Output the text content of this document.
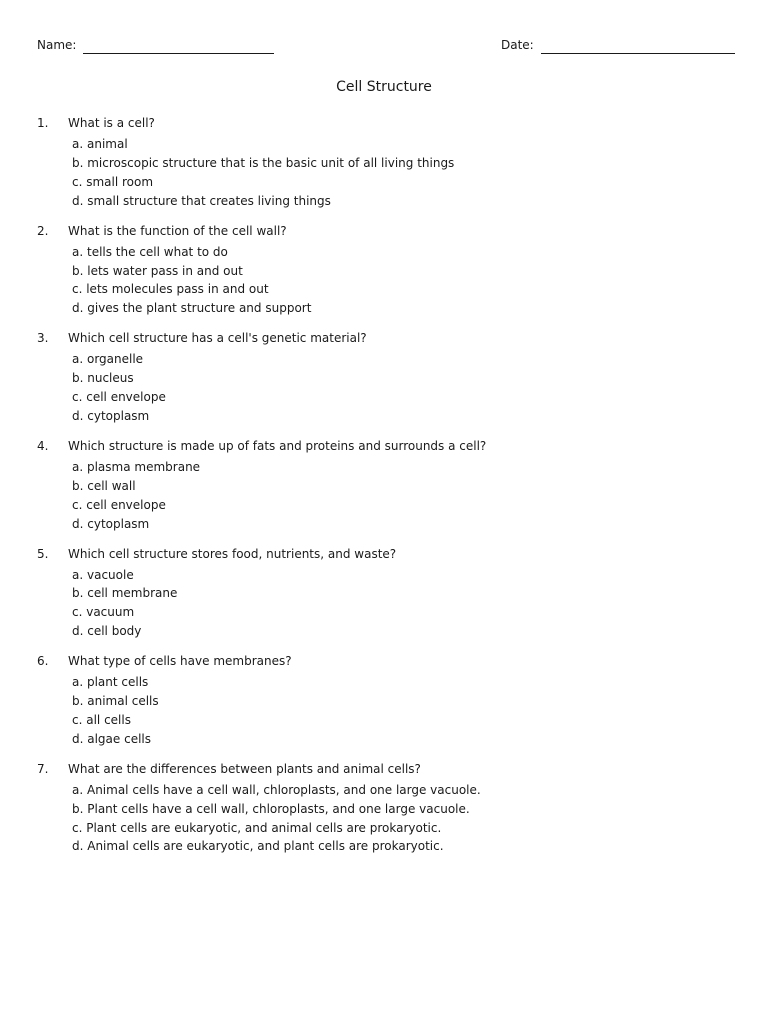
Name:	Date:
Cell Structure
1.	What is a cell?
a. animal
b. microscopic structure that is the basic unit of all living things
c. small room
d. small structure that creates living things
2.	What is the function of the cell wall?
a. tells the cell what to do
b. lets water pass in and out
c. lets molecules pass in and out
d. gives the plant structure and support
3.	Which cell structure has a cell's genetic material?
a. organelle
b. nucleus
c. cell envelope
d. cytoplasm
4.	Which structure is made up of fats and proteins and surrounds a cell?
a. plasma membrane
b. cell wall
c. cell envelope
d. cytoplasm
5.	Which cell structure stores food, nutrients, and waste?
a. vacuole
b. cell membrane
c. vacuum
d. cell body
6.	What type of cells have membranes?
a. plant cells
b. animal cells
c. all cells
d. algae cells
7.	What are the differences between plants and animal cells?
a. Animal cells have a cell wall, chloroplasts, and one large vacuole.
b. Plant cells have a cell wall, chloroplasts, and one large vacuole.
c. Plant cells are eukaryotic, and animal cells are prokaryotic.
d. Animal cells are eukaryotic, and plant cells are prokaryotic.
